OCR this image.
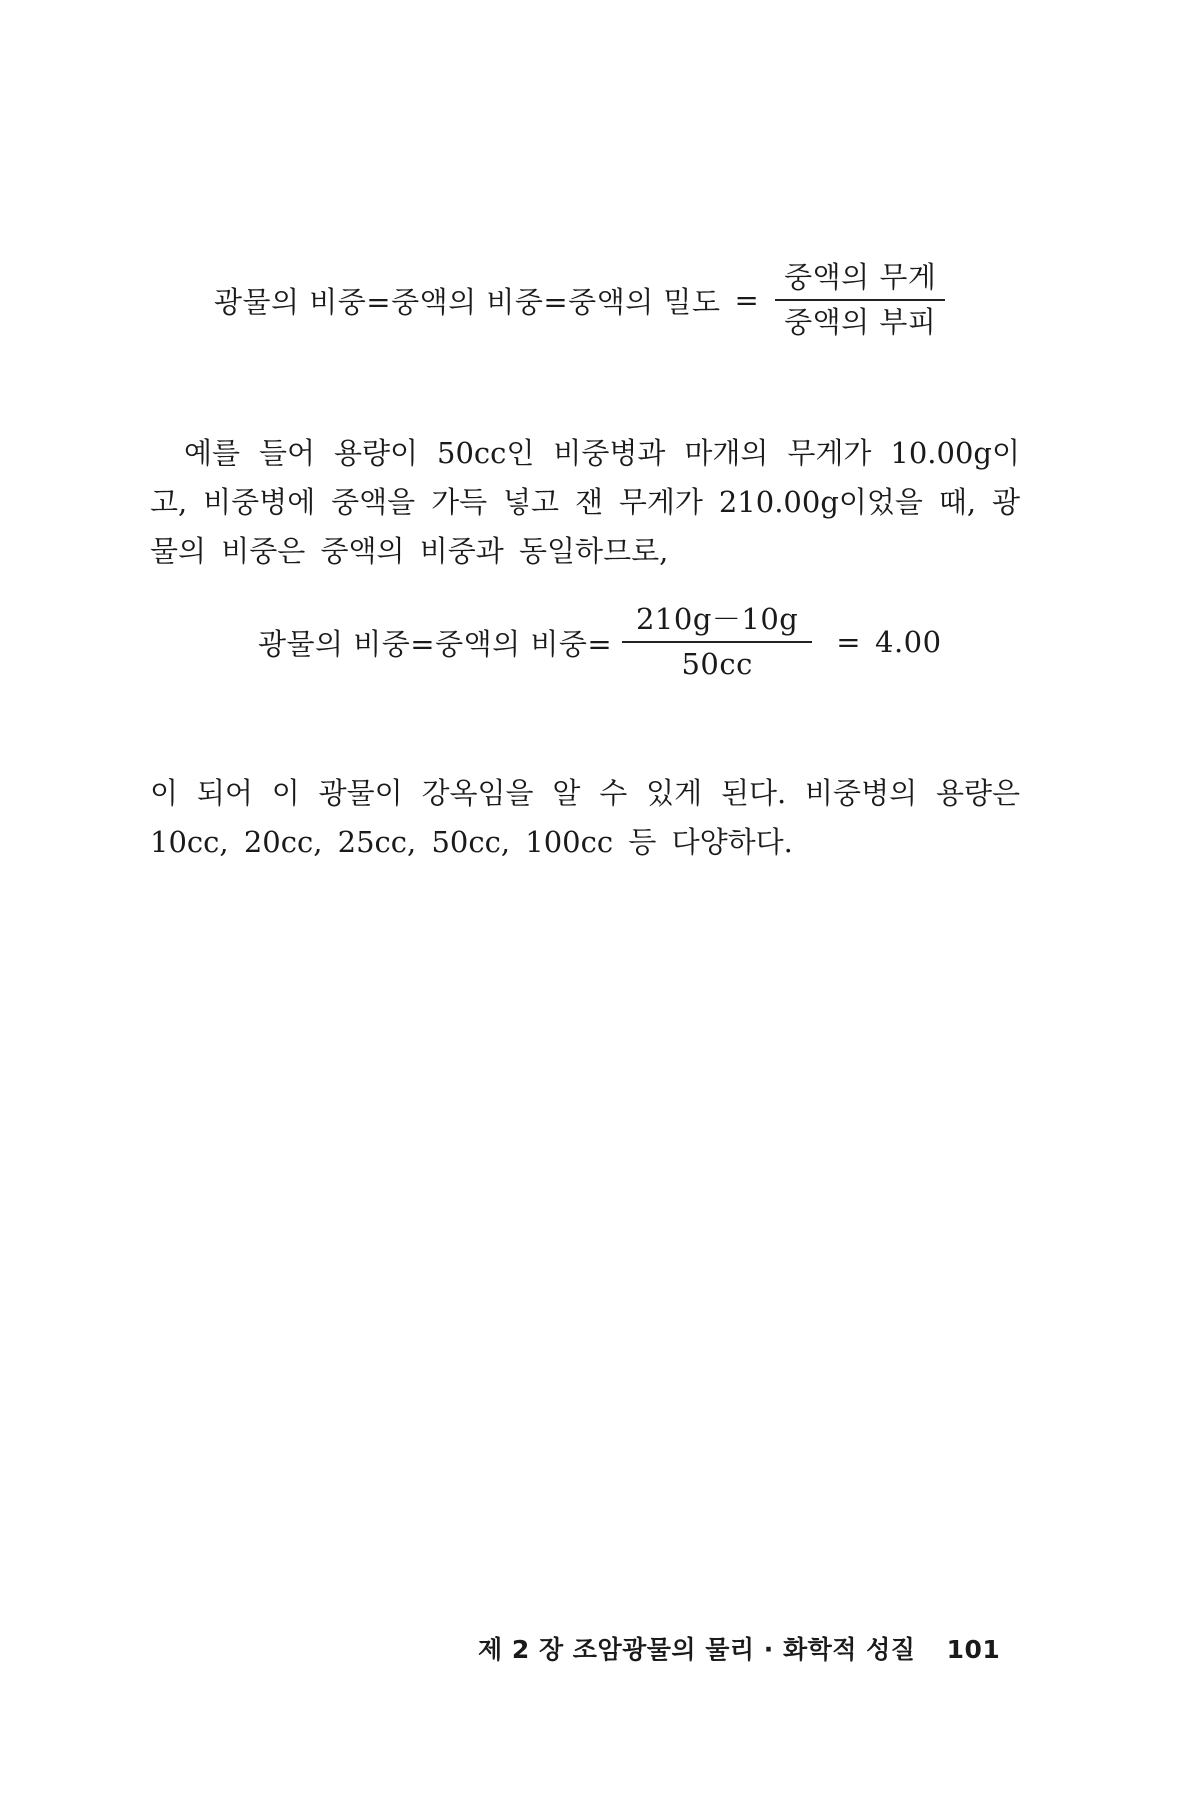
광물의 비중=중액의 비중=중액의 밀도 = $\frac{\text{중액의 무게}}{\text{중액의 부피}}$

예를 들어 용량이 50cc인 비중병과 마개의 무게가 10.00g이고, 비중병에 중액을 가득 넣고 잰 무게가 210.00g이었을 때, 광물의 비중은 중액의 비중과 동일하므로,

광물의 비중=중액의 비중= $\frac{210g-10g}{50cc} = 4.00$

이 되어 이 광물이 강옥임을 알 수 있게 된다. 비중병의 용량은 10cc, 20cc, 25cc, 50cc, 100cc 등 다양하다.

제 2 장 조암광물의 물리 · 화학적 성질 101
